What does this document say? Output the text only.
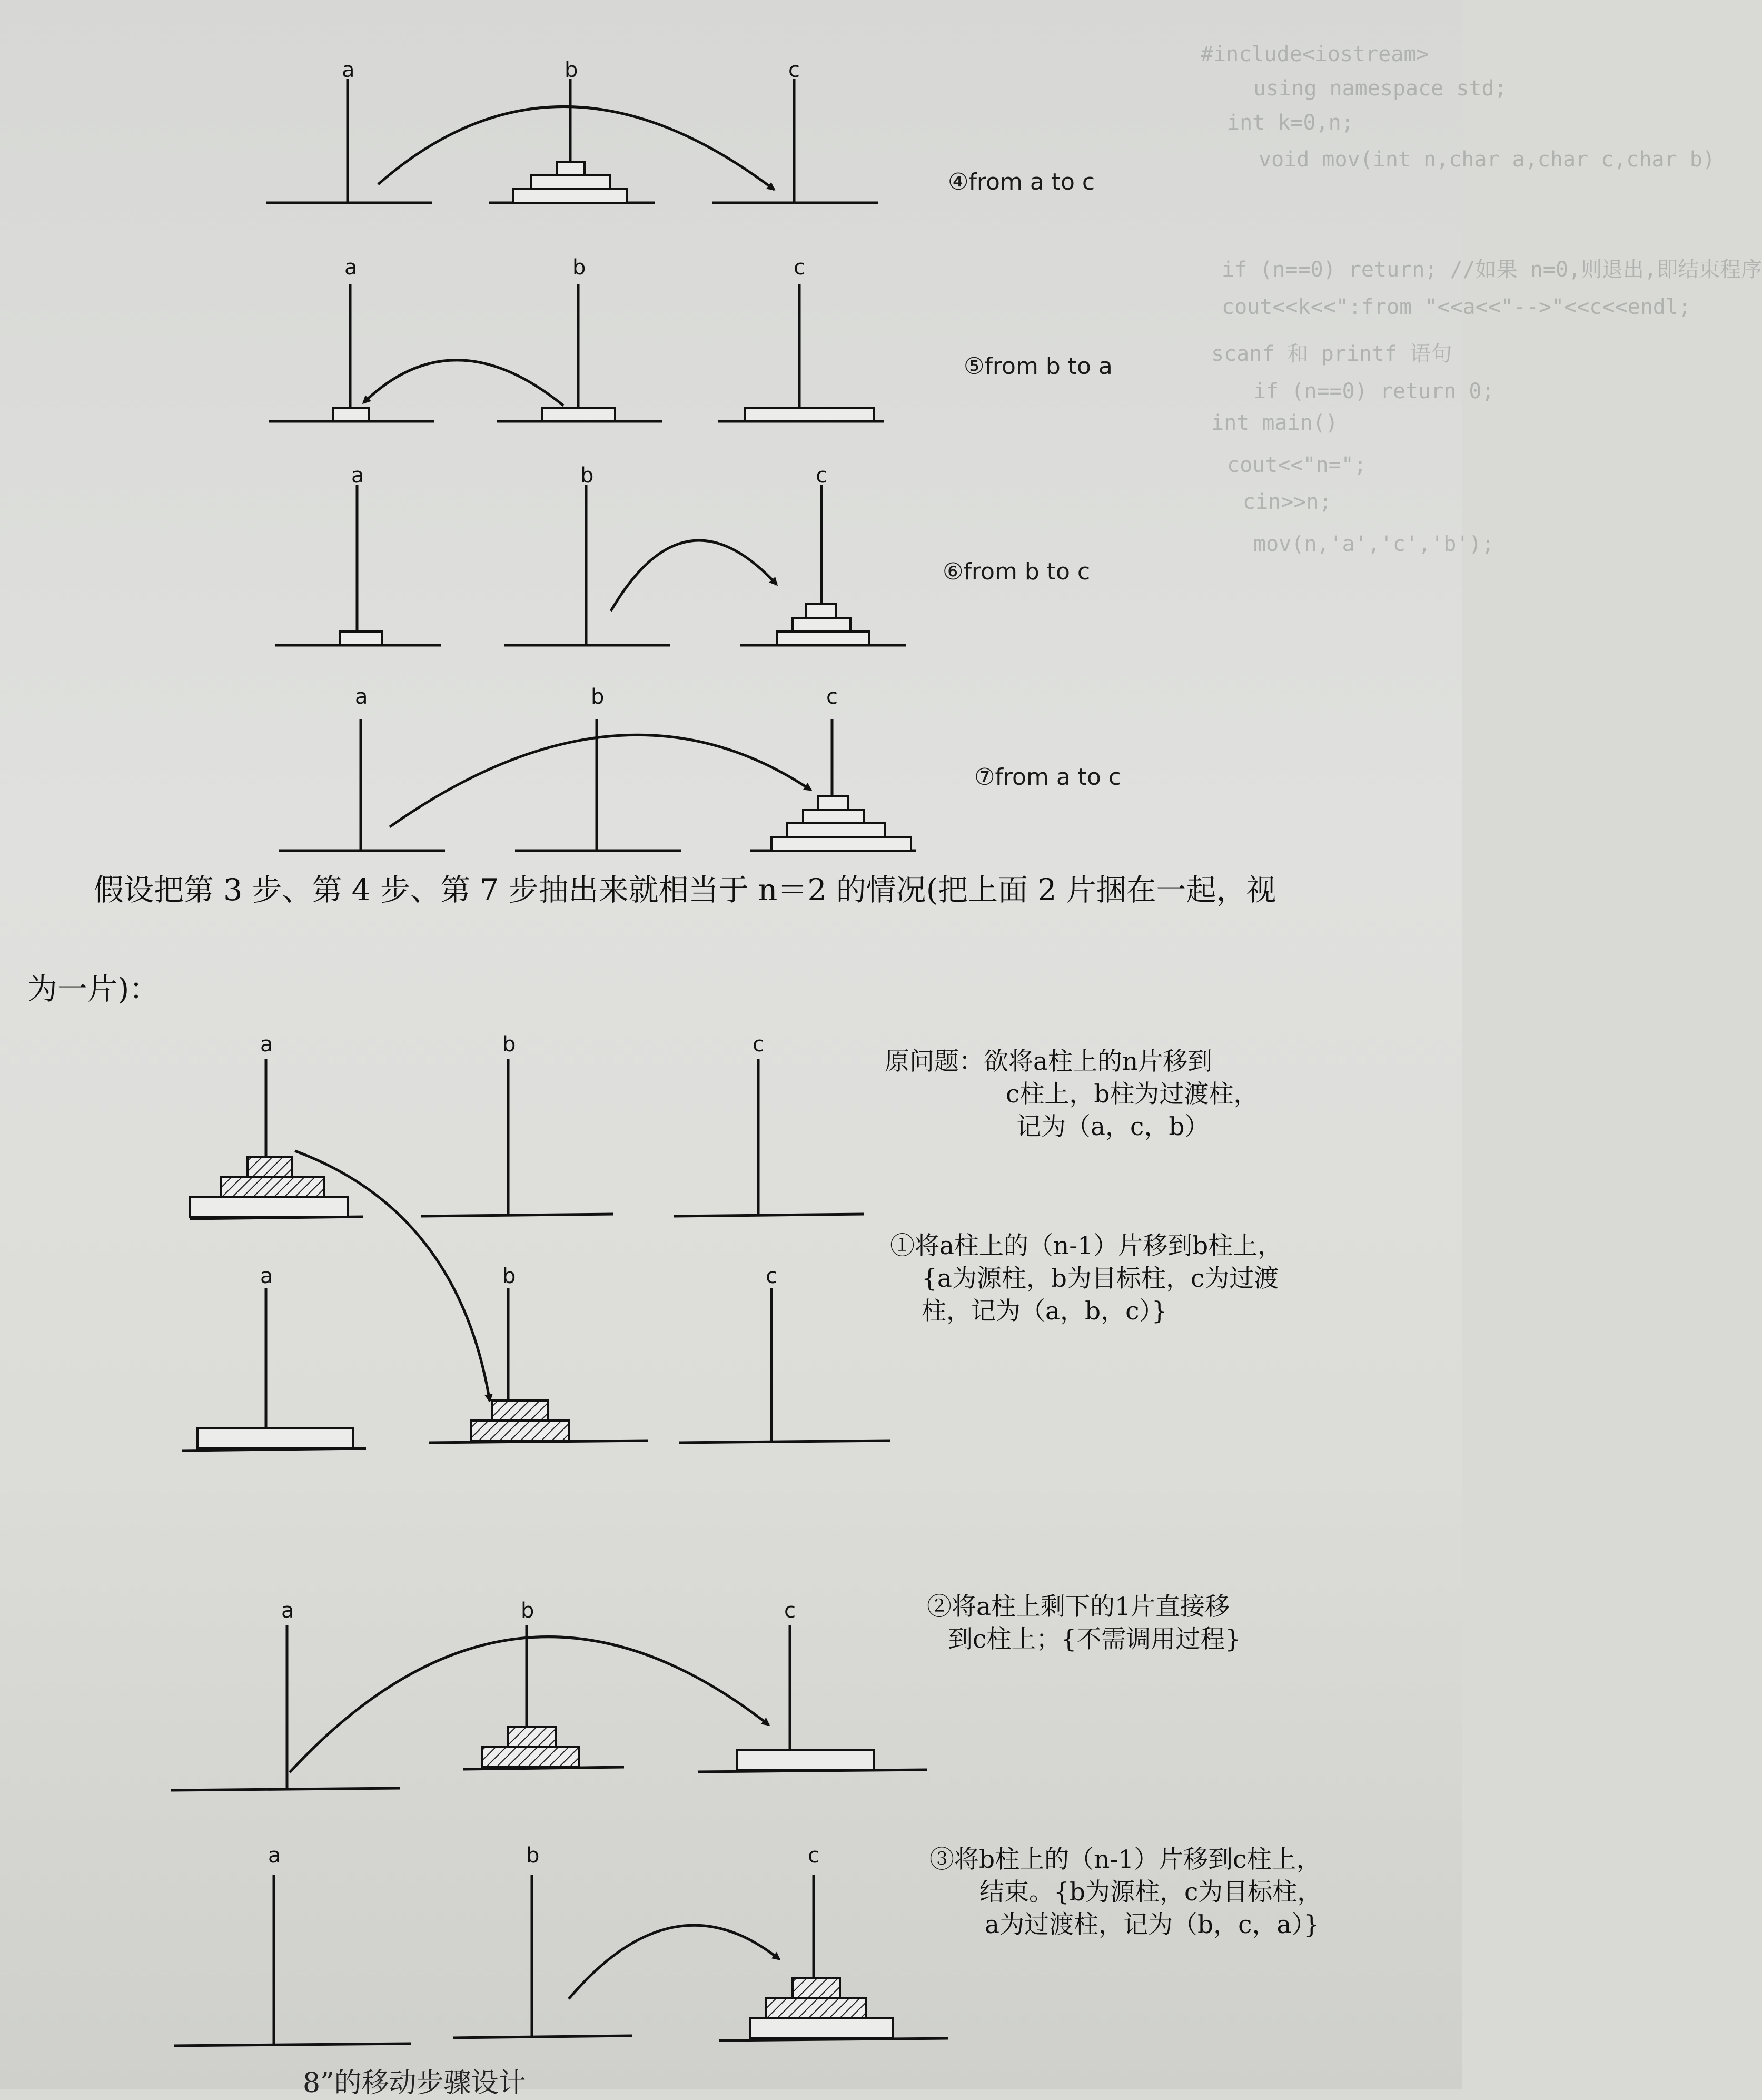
#include<iostream>
using namespace std;
int k=0,n;
void mov(int n,char a,char c,char b)
if (n==0) return; //如果 n=0,则退出,即结束程序
cout<<k<<":from "<<a<<"-->"<<c<<endl;
scanf 和 printf 语句
if (n==0) return 0;
int main()
cout<<"n=";
cin>>n;
mov(n,'a','c','b');
假设把第 3 步、第 4 步、第 7 步抽出来就相当于 n＝2 的情况(把上面 2 片捆在一起，视
为一片)：
原问题：欲将a柱上的n片移到
c柱上，b柱为过渡柱，
记为（a，c，b）
①将a柱上的（n-1）片移到b柱上，
{a为源柱，b为目标柱，c为过渡
柱，记为（a，b，c）}
②将a柱上剩下的1片直接移
到c柱上；{不需调用过程}
③将b柱上的（n-1）片移到c柱上，
结束。{b为源柱，c为目标柱，
a为过渡柱，记为（b，c，a）}
8”的移动步骤设计
a	b	c
④from a to c
a	b	c
⑤from b to a
a	b	c
⑥from b to c
a	b	c
⑦from a to c
a	b	c
a	b	c
a	b	c
a	b	c
